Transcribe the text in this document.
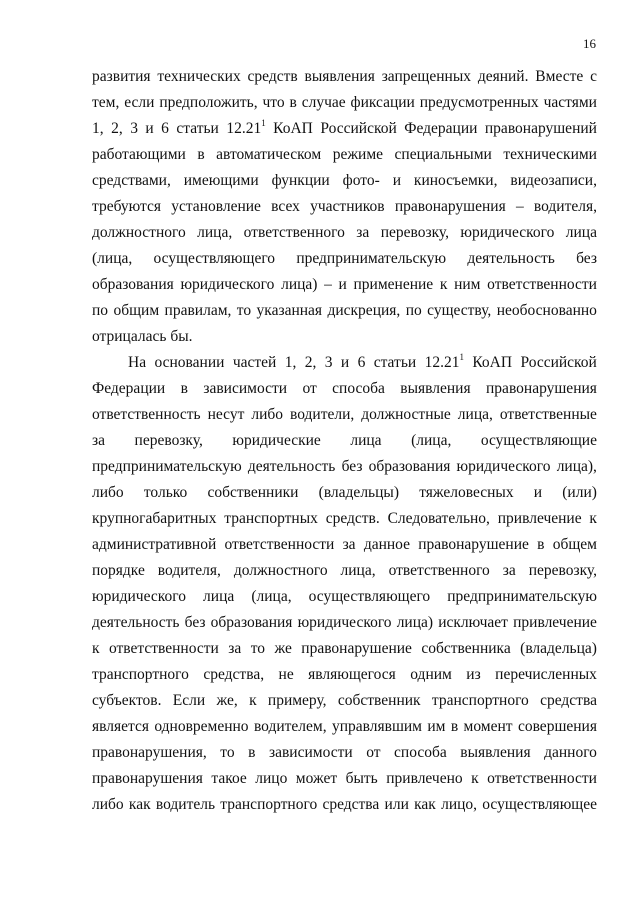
16
развития технических средств выявления запрещенных деяний. Вместе с
тем, если предположить, что в случае фиксации предусмотренных частями
1, 2, 3 и 6 статьи 12.21$^1$ КоАП Российской Федерации правонарушений
работающими в автоматическом режиме специальными техническими
средствами, имеющими функции фото- и киносъемки, видеозаписи,
требуются установление всех участников правонарушения – водителя,
должностного лица, ответственного за перевозку, юридического лица
(лица, осуществляющего предпринимательскую деятельность без
образования юридического лица) – и применение к ним ответственности
по общим правилам, то указанная дискреция, по существу, необоснованно
отрицалась бы.
На основании частей 1, 2, 3 и 6 статьи 12.21$^1$ КоАП Российской
Федерации в зависимости от способа выявления правонарушения
ответственность несут либо водители, должностные лица, ответственные
за перевозку, юридические лица (лица, осуществляющие
предпринимательскую деятельность без образования юридического лица),
либо только собственники (владельцы) тяжеловесных и (или)
крупногабаритных транспортных средств. Следовательно, привлечение к
административной ответственности за данное правонарушение в общем
порядке водителя, должностного лица, ответственного за перевозку,
юридического лица (лица, осуществляющего предпринимательскую
деятельность без образования юридического лица) исключает привлечение
к ответственности за то же правонарушение собственника (владельца)
транспортного средства, не являющегося одним из перечисленных
субъектов. Если же, к примеру, собственник транспортного средства
является одновременно водителем, управлявшим им в момент совершения
правонарушения, то в зависимости от способа выявления данного
правонарушения такое лицо может быть привлечено к ответственности
либо как водитель транспортного средства или как лицо, осуществляющее
